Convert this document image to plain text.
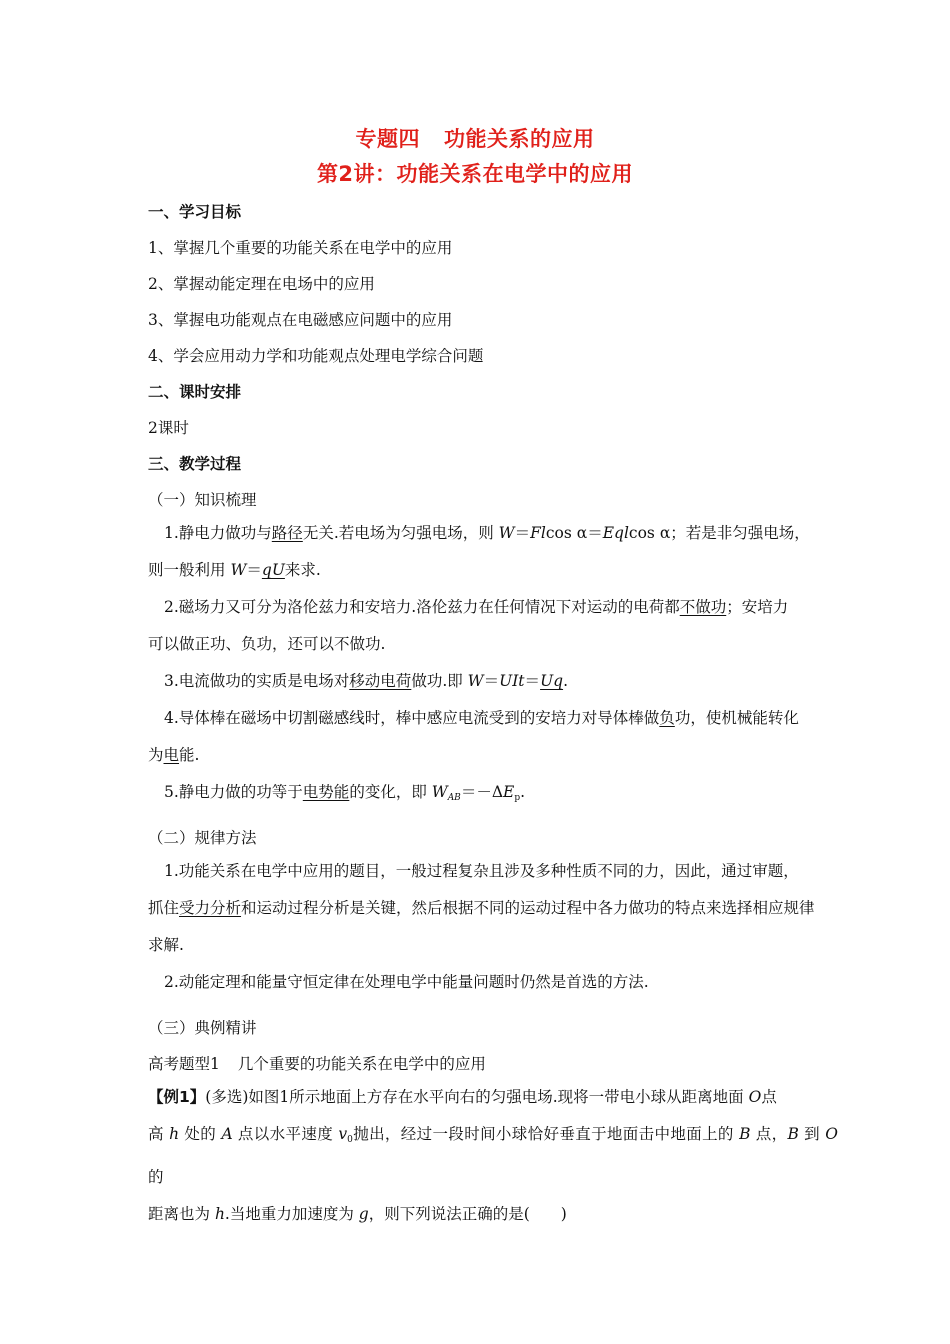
专题四 功能关系的应用
第2讲：功能关系在电学中的应用
一、学习目标
1、掌握几个重要的功能关系在电学中的应用
2、掌握动能定理在电场中的应用
3、掌握电功能观点在电磁感应问题中的应用
4、学会应用动力学和功能观点处理电学综合问题
二、课时安排
2课时
三、教学过程
（一）知识梳理
1.静电力做功与路径无关.若电场为匀强电场，则 W＝Flcos α＝Eqlcos α；若是非匀强电场，
则一般利用 W＝qU来求.
2.磁场力又可分为洛伦兹力和安培力.洛伦兹力在任何情况下对运动的电荷都不做功；安培力
可以做正功、负功，还可以不做功.
3.电流做功的实质是电场对移动电荷做功.即 W＝UIt＝Uq.
4.导体棒在磁场中切割磁感线时，棒中感应电流受到的安培力对导体棒做负功，使机械能转化
为电能.
5.静电力做的功等于电势能的变化，即 $W_{AB}=-\Delta E_p$.
（二）规律方法
1.功能关系在电学中应用的题目，一般过程复杂且涉及多种性质不同的力，因此，通过审题，
抓住受力分析和运动过程分析是关键，然后根据不同的运动过程中各力做功的特点来选择相应规律
求解.
2.动能定理和能量守恒定律在处理电学中能量问题时仍然是首选的方法.
（三）典例精讲
高考题型1 几个重要的功能关系在电学中的应用
【例1】(多选)如图1所示地面上方存在水平向右的匀强电场.现将一带电小球从距离地面 O点
高 h 处的 A 点以水平速度 $v_0$抛出，经过一段时间小球恰好垂直于地面击中地面上的 B 点，B 到 O 的
距离也为 h.当地重力加速度为 g，则下列说法正确的是(　　)
